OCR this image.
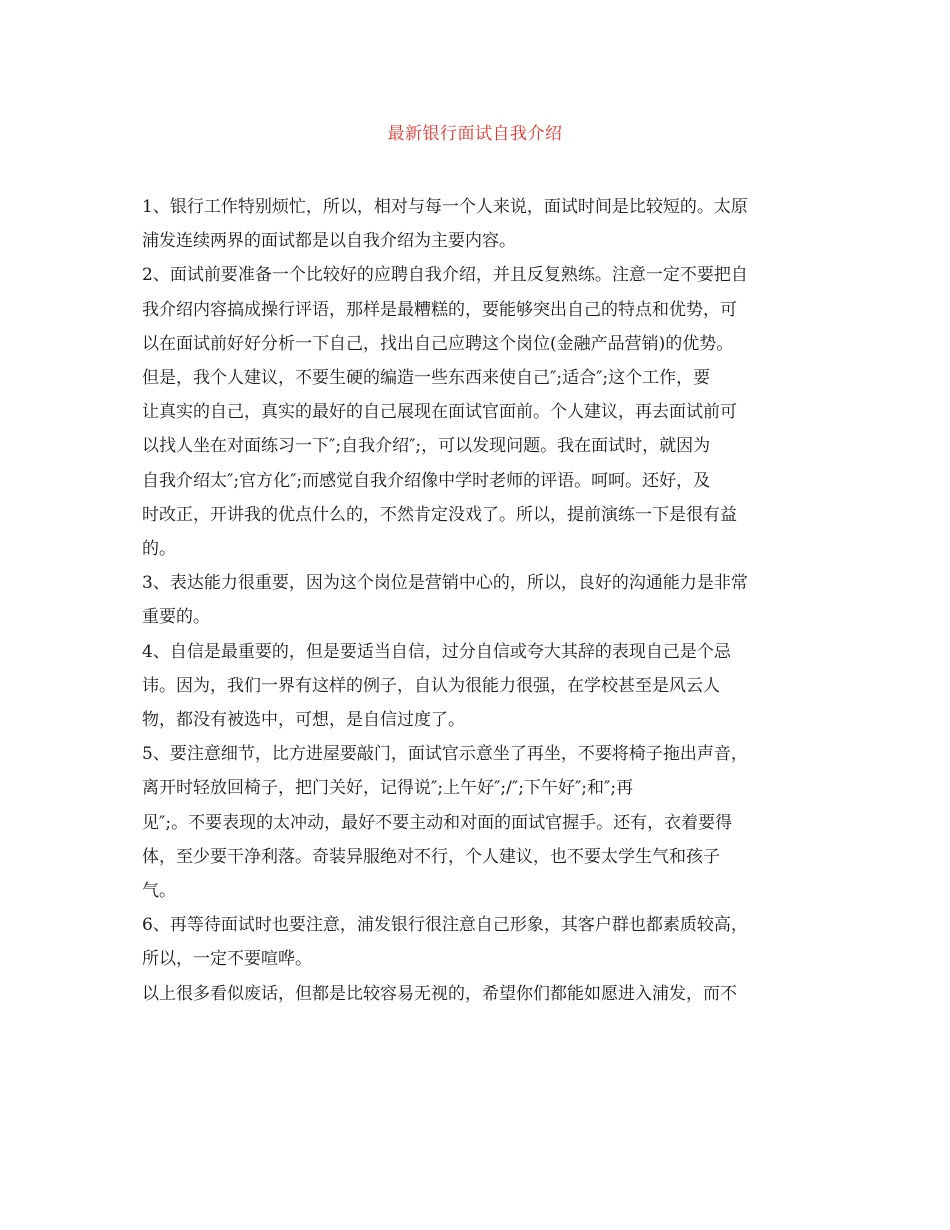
最新银行面试自我介绍

1、银行工作特别烦忙，所以，相对与每一个人来说，面试时间是比较短的。太原
浦发连续两界的面试都是以自我介绍为主要内容。

2、面试前要准备一个比较好的应聘自我介绍，并且反复熟练。注意一定不要把自
我介绍内容搞成操行评语，那样是最糟糕的，要能够突出自己的特点和优势，可
以在面试前好好分析一下自己，找出自己应聘这个岗位(金融产品营销)的优势。
但是，我个人建议，不要生硬的编造一些东西来使自己″;适合″;这个工作，要
让真实的自己，真实的最好的自己展现在面试官面前。个人建议，再去面试前可
以找人坐在对面练习一下″;自我介绍″;，可以发现问题。我在面试时，就因为
自我介绍太″;官方化″;而感觉自我介绍像中学时老师的评语。呵呵。还好，及
时改正，开讲我的优点什么的，不然肯定没戏了。所以，提前演练一下是很有益
的。

3、表达能力很重要，因为这个岗位是营销中心的，所以，良好的沟通能力是非常
重要的。

4、自信是最重要的，但是要适当自信，过分自信或夸大其辞的表现自己是个忌
讳。因为，我们一界有这样的例子，自认为很能力很强，在学校甚至是风云人
物，都没有被选中，可想，是自信过度了。

5、要注意细节，比方进屋要敲门，面试官示意坐了再坐，不要将椅子拖出声音，
离开时轻放回椅子，把门关好，记得说″;上午好″;/″;下午好″;和″;再
见″;。不要表现的太冲动，最好不要主动和对面的面试官握手。还有，衣着要得
体，至少要干净利落。奇装异服绝对不行，个人建议，也不要太学生气和孩子
气。

6、再等待面试时也要注意，浦发银行很注意自己形象，其客户群也都素质较高，
所以，一定不要喧哗。

以上很多看似废话，但都是比较容易无视的，希望你们都能如愿进入浦发，而不
